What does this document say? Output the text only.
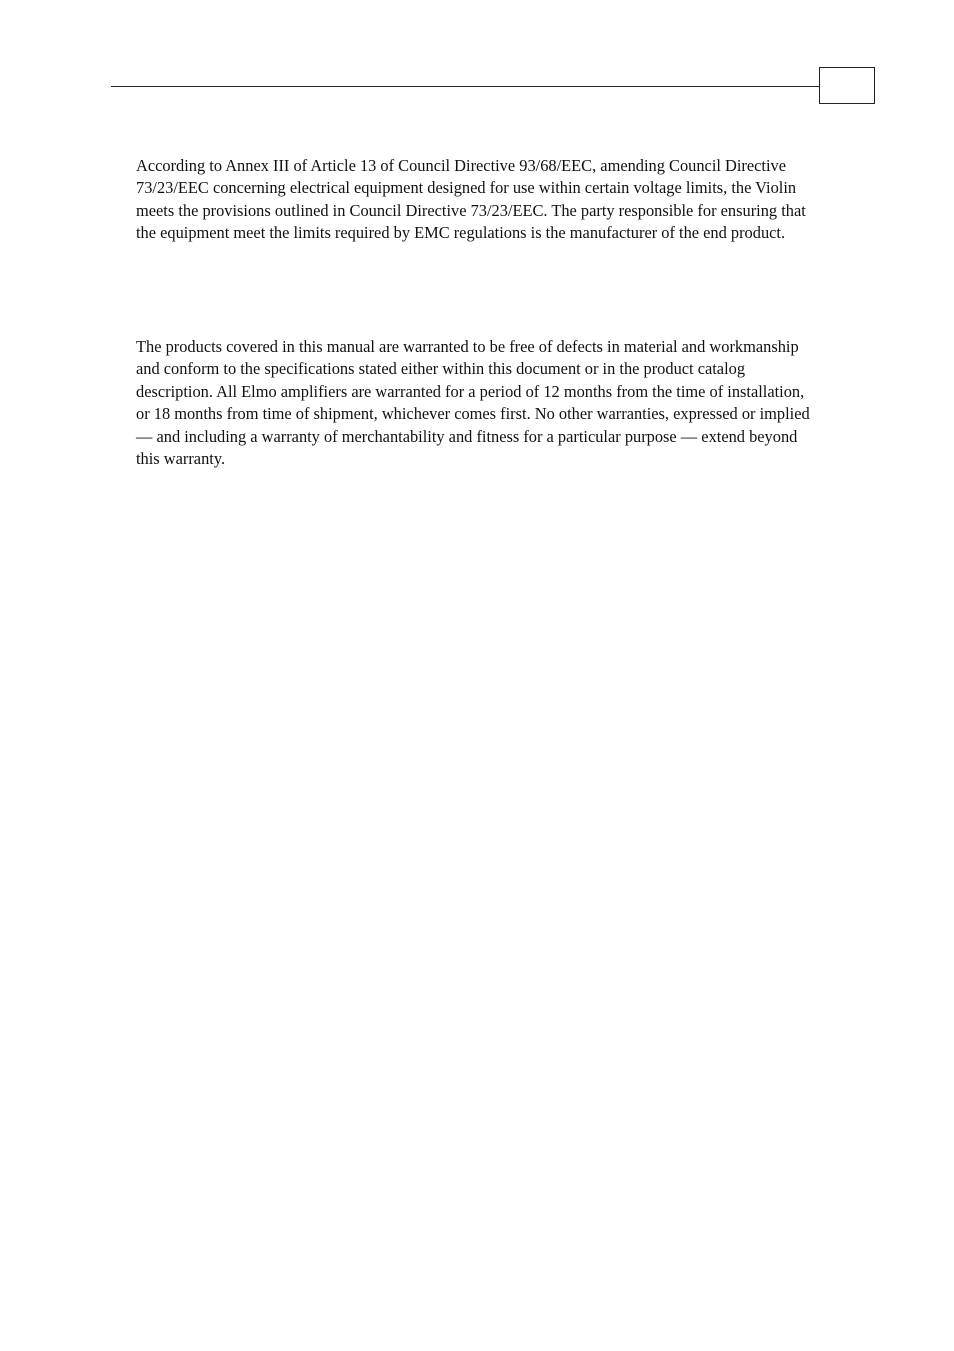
According to Annex III of Article 13 of Council Directive 93/68/EEC, amending Council Directive 73/23/EEC concerning electrical equipment designed for use within certain voltage limits, the Violin meets the provisions outlined in Council Directive 73/23/EEC. The party responsible for ensuring that the equipment meet the limits required by EMC regulations is the manufacturer of the end product.

The products covered in this manual are warranted to be free of defects in material and workmanship and conform to the specifications stated either within this document or in the product catalog description. All Elmo amplifiers are warranted for a period of 12 months from the time of installation, or 18 months from time of shipment, whichever comes first. No other warranties, expressed or implied — and including a warranty of merchantability and fitness for a particular purpose — extend beyond this warranty.
